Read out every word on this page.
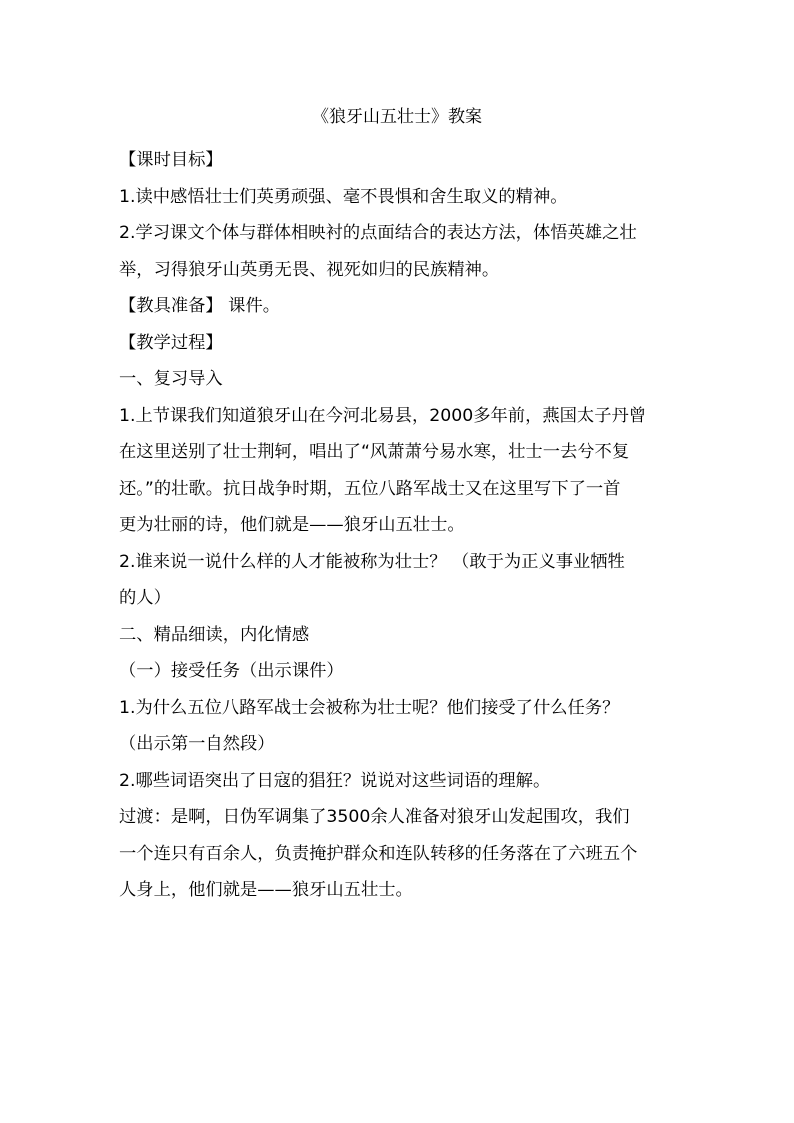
《狼牙山五壮士》教案
【课时目标】
1.读中感悟壮士们英勇顽强、毫不畏惧和舍生取义的精神。
2.学习课文个体与群体相映衬的点面结合的表达方法，体悟英雄之壮
举，习得狼牙山英勇无畏、视死如归的民族精神。
【教具准备】 课件。
【教学过程】
一、复习导入
1.上节课我们知道狼牙山在今河北易县，2000多年前，燕国太子丹曾
在这里送别了壮士荆轲，唱出了“风萧萧兮易水寒，壮士一去兮不复
还。”的壮歌。抗日战争时期，五位八路军战士又在这里写下了一首
更为壮丽的诗，他们就是——狼牙山五壮士。
2.谁来说一说什么样的人才能被称为壮士？ （敢于为正义事业牺牲
的人）
二、精品细读，内化情感
（一）接受任务（出示课件）
1.为什么五位八路军战士会被称为壮士呢？他们接受了什么任务？
（出示第一自然段）
2.哪些词语突出了日寇的猖狂？说说对这些词语的理解。
过渡：是啊，日伪军调集了3500余人准备对狼牙山发起围攻，我们
一个连只有百余人，负责掩护群众和连队转移的任务落在了六班五个
人身上，他们就是——狼牙山五壮士。
